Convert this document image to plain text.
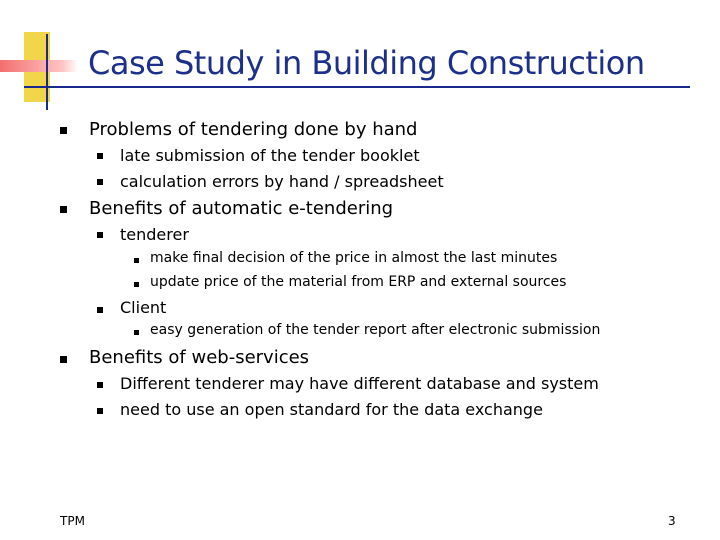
Case Study in Building Construction
Problems of tendering done by hand
late submission of the tender booklet
calculation errors by hand / spreadsheet
Benefits of automatic e-tendering
tenderer
make final decision of the price in almost the last minutes
update price of the material from ERP and external sources
Client
easy generation of the tender report after electronic submission
Benefits of web-services
Different tenderer may have different database and system
need to use an open standard for the data exchange
TPM	3
